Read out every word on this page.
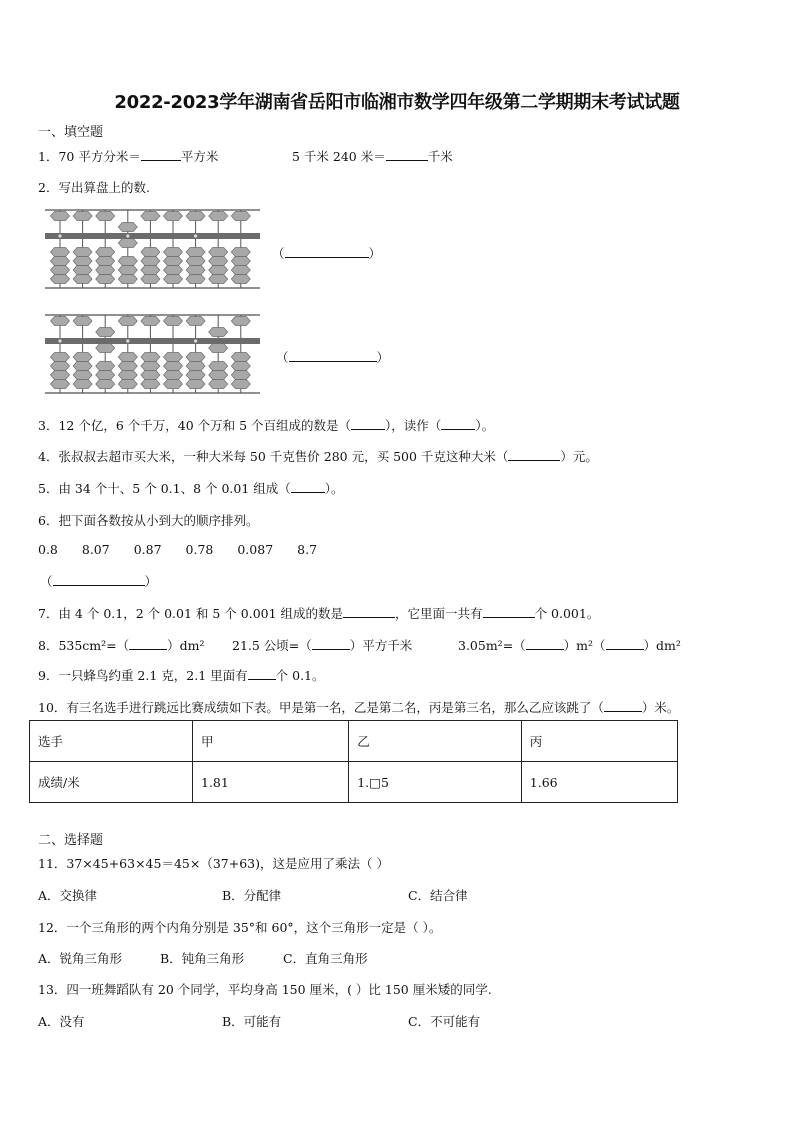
2022-2023学年湖南省岳阳市临湘市数学四年级第二学期期末考试试题
一、填空题
1．70 平方分米＝	平方米	5 千米 240 米＝	千米
2．写出算盘上的数.
（	）
（	）
3．12 个亿，6 个千万，40 个万和 5 个百组成的数是（	），读作（	）。
4．张叔叔去超市买大米，一种大米每 50 千克售价 280 元，买 500 千克这种大米（	）元。
5．由 34 个十、5 个 0.1、8 个 0.01 组成（	）。
6．把下面各数按从小到大的顺序排列。
0.8 8.07 0.87 0.78 0.087 8.7
（	）
7．由 4 个 0.1，2 个 0.01 和 5 个 0.001 组成的数是	，它里面一共有	个 0.001。
8．535cm²=（	）dm² 21.5 公顷=（	）平方千米	3.05m²=（	）m²（	）dm²
9．一只蜂鸟约重 2.1 克，2.1 里面有 个 0.1。
10．有三名选手进行跳远比赛成绩如下表。甲是第一名，乙是第二名，丙是第三名，那么乙应该跳了（	）米。
选手	甲	乙	丙
成绩/米	1.81	1.□5	1.66
二、选择题
11．37×45+63×45＝45×（37+63)，这是应用了乘法（ ）
A．交换律	B．分配律	C．结合律
12．一个三角形的两个内角分别是 35°和 60°，这个三角形一定是（ ）。
A．锐角三角形	B．钝角三角形	C．直角三角形
13．四一班舞蹈队有 20 个同学，平均身高 150 厘米，( ）比 150 厘米矮的同学.
A．没有	B．可能有	C．不可能有
